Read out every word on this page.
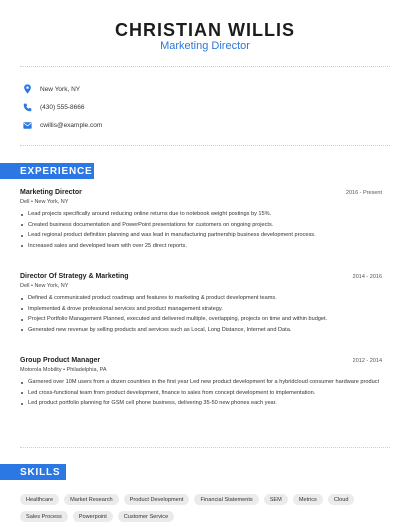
CHRISTIAN WILLIS
Marketing Director
New York, NY
(430) 555-8666
cwillis@example.com
EXPERIENCE
Marketing Director	2016 - Present
Dell • New York, NY
Lead projects specifically around reducing online returns due to notebook weight postings by 15%.
Created business documentation and PowerPoint presentations for customers on ongoing projects.
Lead regional product definition planning and was lead in manufacturing partnership business development process.
Increased sales and developed team with over 25 direct reports.
Director Of Strategy & Marketing	2014 - 2016
Dell • New York, NY
Defined & communicated product roadmap and features to marketing & product development teams.
Implemented & drove professional services and product management strategy.
Project Portfolio Management Planned, executed and delivered multiple, overlapping, projects on time and within budget.
Generated new revenue by selling products and services such as Local, Long Distance, Internet and Data.
Group Product Manager	2012 - 2014
Motorola Mobility • Philadelphia, PA
Garnered over 10M users from a dozen countries in the first year Led new product development for a hybridcloud consumer hardware product
Led cross-functional team from product development, finance to sales from concept development to implementation.
Led product portfolio planning for GSM cell phone business, delivering 35-50 new phones each year.
SKILLS
Healthcare	Market Research	Product Development	Financial Statements	SEM	Metrics	Cloud
Sales Process	Powerpoint	Customer Service
